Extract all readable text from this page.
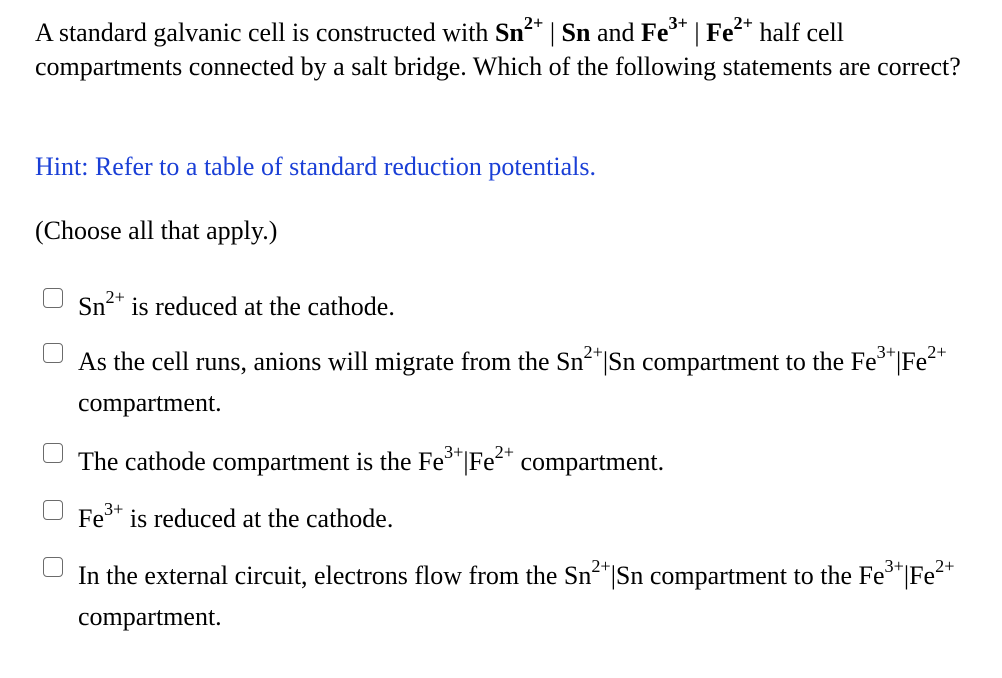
A standard galvanic cell is constructed with $Sn^{2+}$ | Sn and $Fe^{3+}$ | $Fe^{2+}$ half cell compartments connected by a salt bridge. Which of the following statements are correct?
Hint: Refer to a table of standard reduction potentials.
(Choose all that apply.)
$Sn^{2+}$ is reduced at the cathode.
As the cell runs, anions will migrate from the $Sn^{2+}|Sn$ compartment to the $Fe^{3+}|Fe^{2+}$ compartment.
The cathode compartment is the $Fe^{3+}|Fe^{2+}$ compartment.
$Fe^{3+}$ is reduced at the cathode.
In the external circuit, electrons flow from the $Sn^{2+}|Sn$ compartment to the $Fe^{3+}|Fe^{2+}$ compartment.
